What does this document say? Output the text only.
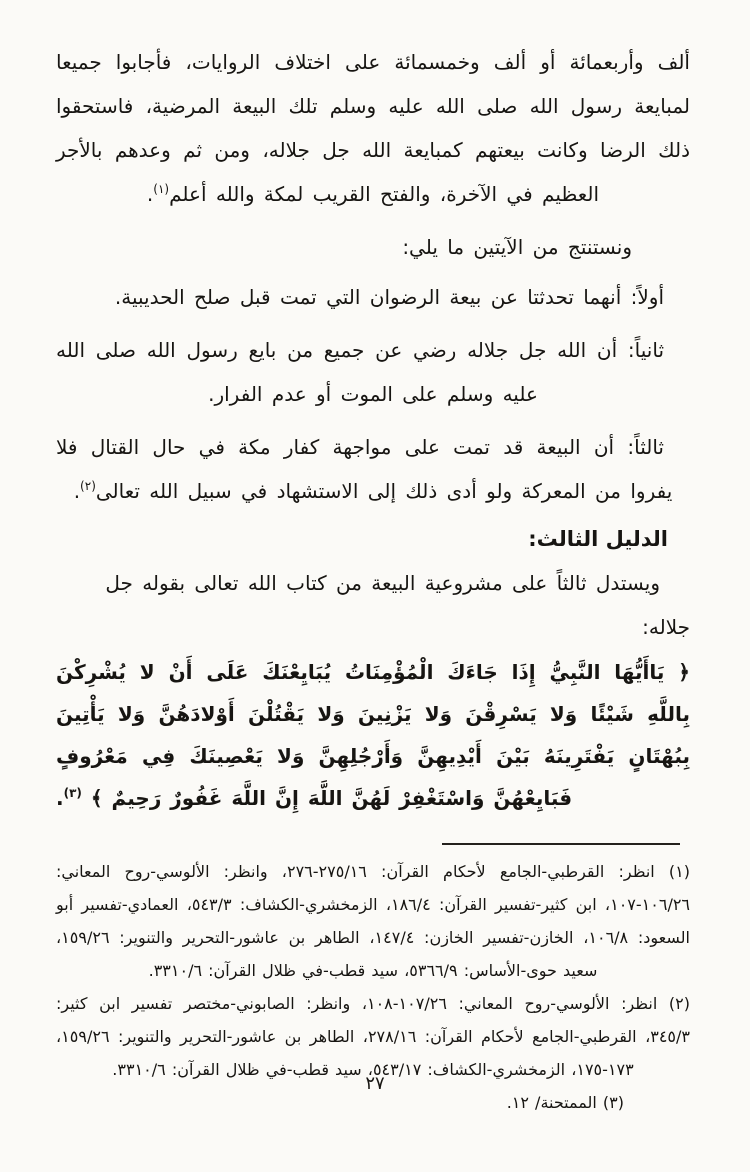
ألف وأربعمائة أو ألف وخمسمائة على اختلاف الروايات، فأجابوا جميعا لمبايعة رسول الله صلى الله عليه وسلم تلك البيعة المرضية، فاستحقوا ذلك الرضا وكانت بيعتهم كمبايعة الله جل جلاله، ومن ثم وعدهم بالأجر العظيم في الآخرة، والفتح القريب لمكة والله أعلم$^{(١)}$.

ونستنتج من الآيتين ما يلي:

أولاً: أنهما تحدثتا عن بيعة الرضوان التي تمت قبل صلح الحديبية.

ثانياً: أن الله جل جلاله رضي عن جميع من بايع رسول الله صلى الله عليه وسلم على الموت أو عدم الفرار.

ثالثاً: أن البيعة قد تمت على مواجهة كفار مكة في حال القتال فلا يفروا من المعركة ولو أدى ذلك إلى الاستشهاد في سبيل الله تعالى$^{(٢)}$.

الدليل الثالث:

ويستدل ثالثاً على مشروعية البيعة من كتاب الله تعالى بقوله جل جلاله:

﴿ يَاأَيُّهَا النَّبِيُّ إِذَا جَاءَكَ الْمُؤْمِنَاتُ يُبَايِعْنَكَ عَلَى أَنْ لا يُشْرِكْنَ بِاللَّهِ شَيْئًا وَلا يَسْرِقْنَ وَلا يَزْنِينَ وَلا يَقْتُلْنَ أَوْلادَهُنَّ وَلا يَأْتِينَ بِبُهْتَانٍ يَفْتَرِينَهُ بَيْنَ أَيْدِيهِنَّ وَأَرْجُلِهِنَّ وَلا يَعْصِينَكَ فِي مَعْرُوفٍ فَبَايِعْهُنَّ وَاسْتَغْفِرْ لَهُنَّ اللَّهَ إِنَّ اللَّهَ غَفُورٌ رَحِيمٌ ﴾ $^{(٣)}$.

(١) انظر: القرطبي-الجامع لأحكام القرآن: ٢٧٥/١٦-٢٧٦، وانظر: الألوسي-روح المعاني: ١٠٦/٢٦-١٠٧، ابن كثير-تفسير القرآن: ١٨٦/٤، الزمخشري-الكشاف: ٥٤٣/٣، العمادي-تفسير أبو السعود: ١٠٦/٨، الخازن-تفسير الخازن: ١٤٧/٤، الطاهر بن عاشور-التحرير والتنوير: ١٥٩/٢٦، سعيد حوى-الأساس: ٥٣٦٦/٩، سيد قطب-في ظلال القرآن: ٣٣١٠/٦.

(٢) انظر: الألوسي-روح المعاني: ١٠٧/٢٦-١٠٨، وانظر: الصابوني-مختصر تفسير ابن كثير: ٣٤٥/٣، القرطبي-الجامع لأحكام القرآن: ٢٧٨/١٦، الطاهر بن عاشور-التحرير والتنوير: ١٥٩/٢٦، ١٧٣-١٧٥، الزمخشري-الكشاف: ٥٤٣/١٧، سيد قطب-في ظلال القرآن: ٣٣١٠/٦.

(٣) الممتحنة/ ١٢.

٢٧
